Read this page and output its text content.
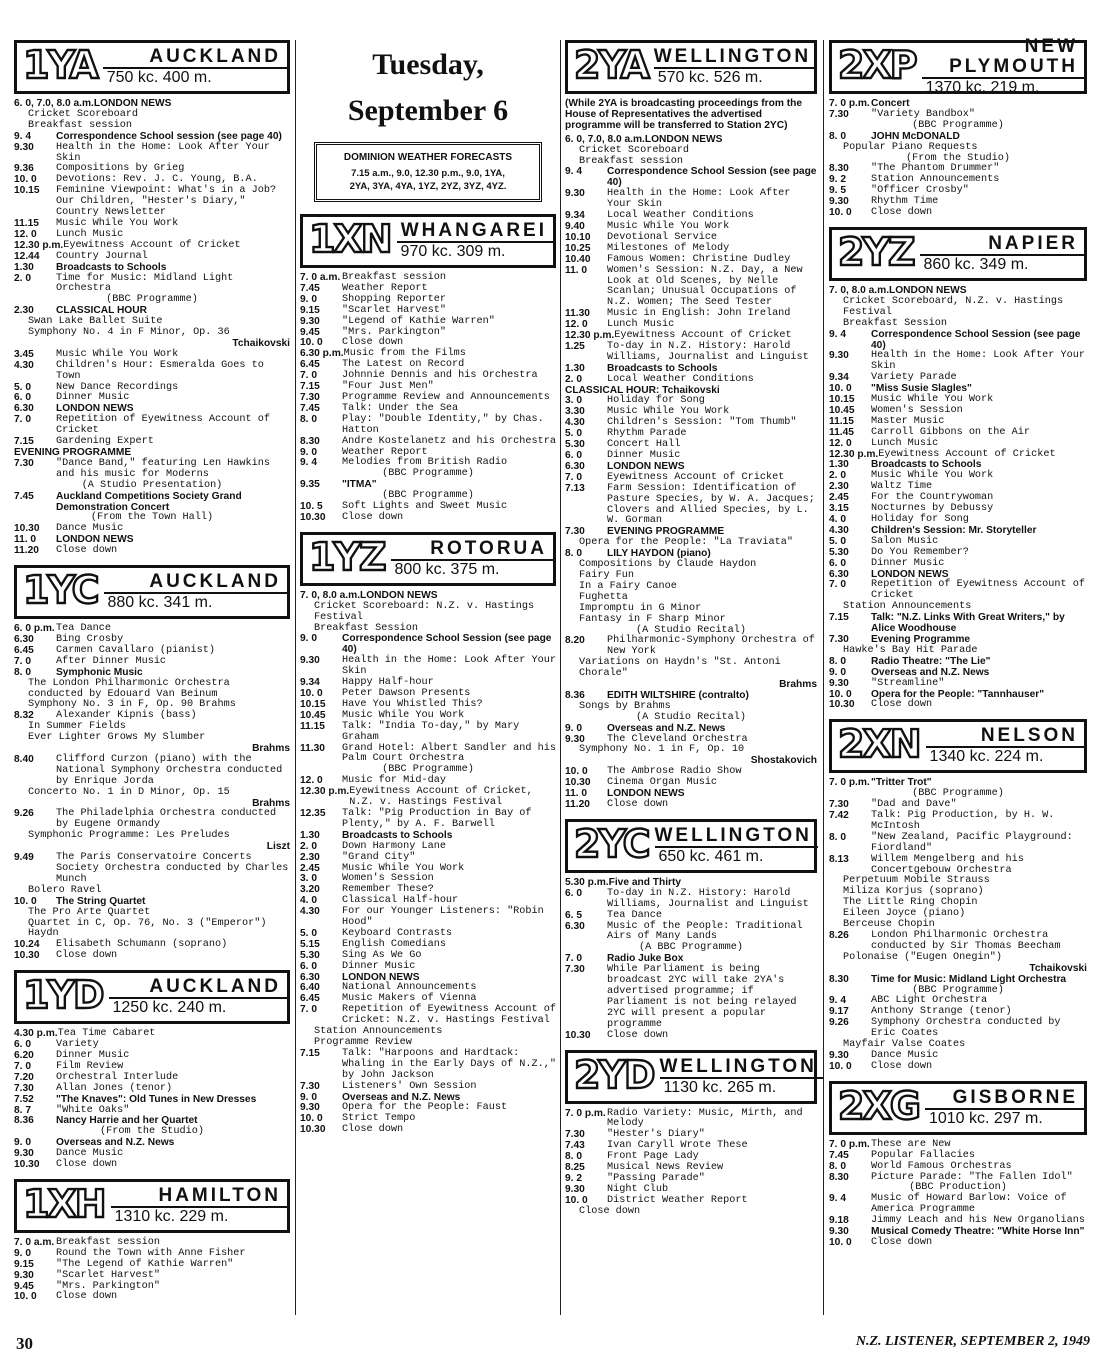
1YA	AUCKLAND
750 kc. 400 m.
6. 0, 7.0, 8.0 a.m. LONDON NEWS
Cricket Scoreboard
Breakfast session
9. 4	Correspondence School session (see page 40)
9.30	Health in the Home: Look After Your Skin
9.36	Compositions by Grieg
10. 0	Devotions: Rev. J. C. Young, B.A.
10.15	Feminine Viewpoint: What's in a Job? Our Children, "Hester's Diary," Country Newsletter
11.15	Music While You Work
12. 0	Lunch Music
12.30 p.m. Eyewitness Account of Cricket
12.44	Country Journal
1.30	Broadcasts to Schools
2. 0	Time for Music: Midland Light Orchestra
(BBC Programme)
2.30	CLASSICAL HOUR
Swan Lake Ballet Suite
Symphony No. 4 in F Minor, Op. 36
Tchaikovski
3.45	Music While You Work
4.30	Children's Hour: Esmeralda Goes to Town
5. 0	New Dance Recordings
6. 0	Dinner Music
6.30	LONDON NEWS
7. 0	Repetition of Eyewitness Account of Cricket
7.15	Gardening Expert
EVENING PROGRAMME
7.30	"Dance Band," featuring Len Hawkins and his music for Moderns
(A Studio Presentation)
7.45	Auckland Competitions Society Grand Demonstration Concert
(From the Town Hall)
10.30	Dance Music
11. 0	LONDON NEWS
11.20	Close down
1YC	AUCKLAND
880 kc. 341 m.
6. 0 p.m. Tea Dance
6.30	Bing Crosby
6.45	Carmen Cavallaro (pianist)
7. 0	After Dinner Music
8. 0	Symphonic Music
The London Philharmonic Orchestra conducted by Edouard Van Beinum
Symphony No. 3 in F, Op. 90 Brahms
8.32	Alexander Kipnis (bass)
In Summer Fields
Ever Lighter Grows My Slumber
Brahms
8.40	Clifford Curzon (piano) with the National Symphony Orchestra conducted by Enrique Jorda
Concerto No. 1 in D Minor, Op. 15
Brahms
9.26	The Philadelphia Orchestra conducted by Eugene Ormandy
Symphonic Programme: Les Preludes
Liszt
9.49	The Paris Conservatoire Concerts Society Orchestra conducted by Charles Munch
Bolero Ravel
10. 0	The String Quartet
The Pro Arte Quartet
Quartet in C, Op. 76, No. 3 ("Emperor") Haydn
10.24	Elisabeth Schumann (soprano)
10.30	Close down
1YD	AUCKLAND
1250 kc. 240 m.
4.30 p.m. Tea Time Cabaret
6. 0	Variety
6.20	Dinner Music
7. 0	Film Review
7.20	Orchestral Interlude
7.30	Allan Jones (tenor)
7.52	"The Knaves": Old Tunes in New Dresses
8. 7	"White Oaks"
8.36	Nancy Harrie and her Quartet
(From the Studio)
9. 0	Overseas and N.Z. News
9.30	Dance Music
10.30	Close down
1XH	HAMILTON
1310 kc. 229 m.
7. 0 a.m. Breakfast session
9. 0	Round the Town with Anne Fisher
9.15	"The Legend of Kathie Warren"
9.30	"Scarlet Harvest"
9.45	"Mrs. Parkington"
10. 0	Close down
Tuesday, September 6
DOMINION WEATHER FORECASTS
7.15 a.m., 9.0, 12.30 p.m., 9.0, 1YA,
2YA, 3YA, 4YA, 1YZ, 2YZ, 3YZ, 4YZ.
1XN WHANGAREI
970 kc. 309 m.
7. 0 a.m. Breakfast session
7.45	Weather Report
9. 0	Shopping Reporter
9.15	"Scarlet Harvest"
9.30	"Legend of Kathie Warren"
9.45	"Mrs. Parkington"
10. 0	Close down
6.30 p.m. Music from the Films
6.45	The Latest on Record
7. 0	Johnnie Dennis and his Orchestra
7.15	"Four Just Men"
7.30	Programme Review and Announcements
7.45	Talk: Under the Sea
8. 0	Play: "Double Identity," by Chas. Hatton
8.30	Andre Kostelanetz and his Orchestra
9. 0	Weather Report
9. 4	Melodies from British Radio
(BBC Programme)
9.35	"ITMA"
(BBC Programme)
10. 5	Soft Lights and Sweet Music
10.30	Close down
1YZ	ROTORUA
800 kc. 375 m.
7. 0, 8.0 a.m. LONDON NEWS
Cricket Scoreboard: N.Z. v. Hastings Festival
Breakfast Session
9. 0	Correspondence School Session (see page 40)
9.30	Health in the Home: Look After Your Skin
9.34	Happy Half-hour
10. 0	Peter Dawson Presents
10.15	Have You Whistled This?
10.45	Music While You Work
11.15	Talk: "India To-day," by Mary Graham
11.30	Grand Hotel: Albert Sandler and his Palm Court Orchestra
(BBC Programme)
12. 0	Music for Mid-day
12.30 p.m. Eyewitness Account of Cricket, N.Z. v. Hastings Festival
12.35	Talk: "Pig Production in Bay of Plenty," by A. F. Barwell
1.30	Broadcasts to Schools
2. 0	Down Harmony Lane
2.30	"Grand City"
2.45	Music While You Work
3. 0	Women's Session
3.20	Remember These?
4. 0	Classical Half-hour
4.30	For our Younger Listeners: "Robin Hood"
5. 0	Keyboard Contrasts
5.15	English Comedians
5.30	Sing As We Go
6. 0	Dinner Music
6.30	LONDON NEWS
6.40	National Announcements
6.45	Music Makers of Vienna
7. 0	Repetition of Eyewitness Account of Cricket: N.Z. v. Hastings Festival
Station Announcements
Programme Review
7.15	Talk: "Harpoons and Hardtack: Whaling in the Early Days of N.Z.," by John Jackson
7.30	Listeners' Own Session
9. 0	Overseas and N.Z. News
9.30	Opera for the People: Faust
10. 0	Strict Tempo
10.30	Close down
2YA WELLINGTON
570 kc. 526 m.
(While 2YA is broadcasting proceedings from the House of Representatives the advertised programme will be transferred to Station 2YC)
6. 0, 7.0, 8.0 a.m. LONDON NEWS
Cricket Scoreboard
Breakfast session
9. 4	Correspondence School Session (see page 40)
9.30	Health in the Home: Look After Your Skin
9.34	Local Weather Conditions
9.40	Music While You Work
10.10	Devotional Service
10.25	Milestones of Melody
10.40	Famous Women: Christine Dudley
11. 0	Women's Session: N.Z. Day, a New Look at Old Scenes, by Nelle Scanlan; Unusual Occupations of N.Z. Women; The Seed Tester
11.30	Music in English: John Ireland
12. 0	Lunch Music
12.30 p.m. Eyewitness Account of Cricket
1.25	To-day in N.Z. History: Harold Williams, Journalist and Linguist
1.30	Broadcasts to Schools
2. 0	Local Weather Conditions
CLASSICAL HOUR: Tchaikovski
3. 0	Holiday for Song
3.30	Music While You Work
4.30	Children's Session: "Tom Thumb"
5. 0	Rhythm Parade
5.30	Concert Hall
6. 0	Dinner Music
6.30	LONDON NEWS
7. 0	Eyewitness Account of Cricket
7.13	Farm Session: Identification of Pasture Species, by W. A. Jacques; Clovers and Allied Species, by L. W. Gorman
7.30	EVENING PROGRAMME
Opera for the People: "La Traviata"
8. 0	LILY HAYDON (piano)
Compositions by Claude Haydon
Fairy Fun
In a Fairy Canoe
Fughetta
Impromptu in G Minor
Fantasy in F Sharp Minor
(A Studio Recital)
8.20	Philharmonic-Symphony Orchestra of New York
Variations on Haydn's "St. Antoni Chorale"
Brahms
8.36	EDITH WILTSHIRE (contralto)
Songs by Brahms
(A Studio Recital)
9. 0	Overseas and N.Z. News
9.30	The Cleveland Orchestra
Symphony No. 1 in F, Op. 10
Shostakovich
10. 0	The Ambrose Radio Show
10.30	Cinema Organ Music
11. 0	LONDON NEWS
11.20	Close down
2YC WELLINGTON
650 kc. 461 m.
5.30 p.m. Five and Thirty
6. 0	To-day in N.Z. History: Harold Williams, Journalist and Linguist
6. 5	Tea Dance
6.30	Music of the People: Traditional Airs of Many Lands
(A BBC Programme)
7. 0	Radio Juke Box
7.30	While Parliament is being broadcast 2YC will take 2YA's advertised programme; if Parliament is not being relayed 2YC will present a popular programme
10.30	Close down
2YD WELLINGTON
1130 kc. 265 m.
7. 0 p.m. Radio Variety: Music, Mirth, and Melody
7.30	"Hester's Diary"
7.43	Ivan Caryll Wrote These
8. 0	Front Page Lady
8.25	Musical News Review
9. 2	"Passing Parade"
9.30	Night Club
10. 0	District Weather Report
Close down
2XP	NEW PLYMOUTH
1370 kc. 219 m.
7. 0 p.m. Concert
7.30	"Variety Bandbox"
(BBC Programme)
8. 0	JOHN McDONALD
Popular Piano Requests
(From the Studio)
8.30	"The Phantom Drummer"
9. 2	Station Announcements
9. 5	"Officer Crosby"
9.30	Rhythm Time
10. 0	Close down
2YZ	NAPIER
860 kc. 349 m.
7. 0, 8.0 a.m. LONDON NEWS
Cricket Scoreboard, N.Z. v. Hastings Festival
Breakfast Session
9. 4	Correspondence School Session (see page 40)
9.30	Health in the Home: Look After Your Skin
9.34	Variety Parade
10. 0	"Miss Susie Slagles"
10.15	Music While You Work
10.45	Women's Session
11.15	Master Music
11.45	Carroll Gibbons on the Air
12. 0	Lunch Music
12.30 p.m. Eyewitness Account of Cricket
1.30	Broadcasts to Schools
2. 0	Music While You Work
2.30	Waltz Time
2.45	For the Countrywoman
3.15	Nocturnes by Debussy
4. 0	Holiday for Song
4.30	Children's Session: Mr. Storyteller
5. 0	Salon Music
5.30	Do You Remember?
6. 0	Dinner Music
6.30	LONDON NEWS
7. 0	Repetition of Eyewitness Account of Cricket
Station Announcements
7.15	Talk: "N.Z. Links With Great Writers," by Alice Woodhouse
7.30	Evening Programme
Hawke's Bay Hit Parade
8. 0	Radio Theatre: "The Lie"
9. 0	Overseas and N.Z. News
9.30	"Streamline"
10. 0	Opera for the People: "Tannhauser"
10.30	Close down
2XN	NELSON
1340 kc. 224 m.
7. 0 p.m. "Tritter Trot"
(BBC Programme)
7.30	"Dad and Dave"
7.42	Talk: Pig Production, by H. W. McIntosh
8. 0	"New Zealand, Pacific Playground: Fiordland"
8.13	Willem Mengelberg and his Concertgebouw Orchestra
Perpetuum Mobile Strauss
Miliza Korjus (soprano)
The Little Ring Chopin
Eileen Joyce (piano)
Berceuse Chopin
8.26	London Philharmonic Orchestra conducted by Sir Thomas Beecham
Polonaise ("Eugen Onegin")
Tchaikovski
8.30	Time for Music: Midland Light Orchestra
(BBC Programme)
9. 4	ABC Light Orchestra
9.17	Anthony Strange (tenor)
9.26	Symphony Orchestra conducted by Eric Coates
Mayfair Valse Coates
9.30	Dance Music
10. 0	Close down
2XG	GISBORNE
1010 kc. 297 m.
7. 0 p.m. These are New
7.45	Popular Fallacies
8. 0	World Famous Orchestras
8.30	Picture Parade: "The Fallen Idol"
(BBC Production)
9. 4	Music of Howard Barlow: Voice of America Programme
9.18	Jimmy Leach and his New Organolians
9.30	Musical Comedy Theatre: "White Horse Inn"
10. 0	Close down
30	N.Z. LISTENER, SEPTEMBER 2, 1949
